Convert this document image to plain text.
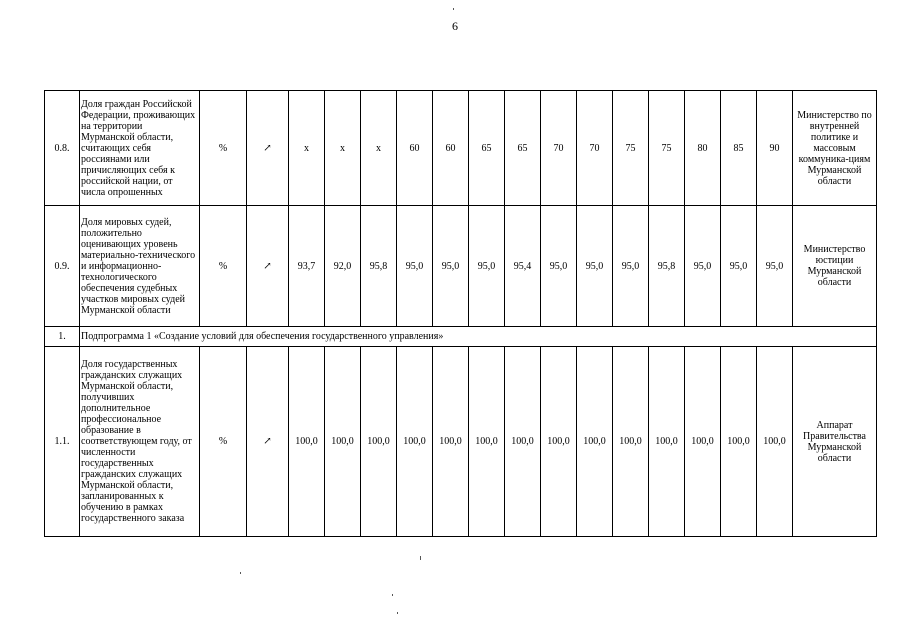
6
0.8.	Доля граждан Российской Федерации, проживающих на территории Мурманской области, считающих себя россиянами или причисляющих себя к российской нации, от числа опрошенных	%	↗	x	x	x	60	60	65	65	70	70	75	75	80	85	90	Министерство по внутренней политике и массовым коммуника-циям Мурманской области
0.9.	Доля мировых судей, положительно оценивающих уровень материально-технического и информационно-технологического обеспечения судебных участков мировых судей Мурманской области	%	↗	93,7	92,0	95,8	95,0	95,0	95,0	95,4	95,0	95,0	95,0	95,8	95,0	95,0	95,0	Министерство юстиции Мурманской области
1.	Подпрограмма 1 «Создание условий для обеспечения государственного управления»																	
1.1.	Доля государственных гражданских служащих Мурманской области, получивших дополнительное профессиональное образование в соответствующем году, от численности государственных гражданских служащих Мурманской области, запланированных к обучению в рамках государственного заказа	%	↗	100,0	100,0	100,0	100,0	100,0	100,0	100,0	100,0	100,0	100,0	100,0	100,0	100,0	100,0	Аппарат Правительства Мурманской области
